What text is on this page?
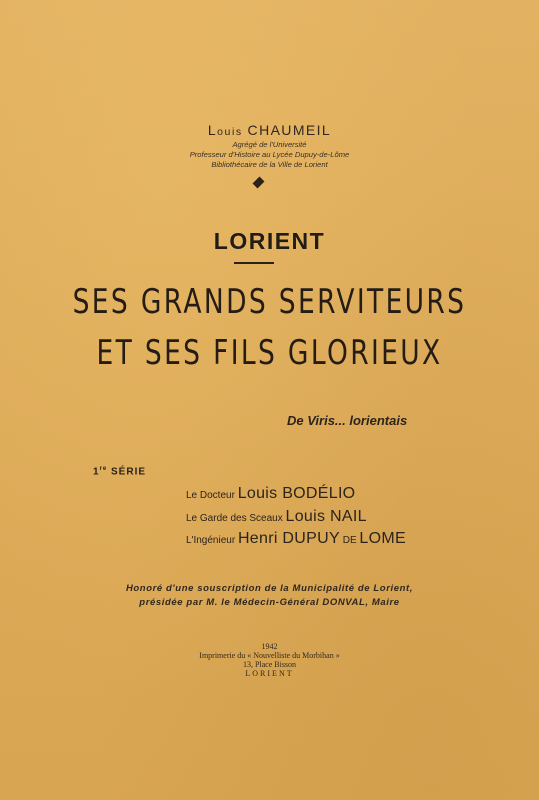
Louis CHAUMEIL
Agrégé de l'Université
Professeur d'Histoire au Lycée Dupuy-de-Lôme
Bibliothécaire de la Ville de Lorient
LORIENT
SES GRANDS SERVITEURS
ET SES FILS GLORIEUX
De Viris... lorientais
1re SÉRIE
Le Docteur Louis BODÉLIO
Le Garde des Sceaux Louis NAIL
L'Ingénieur Henri DUPUY DE LOME
Honoré d'une souscription de la Municipalité de Lorient,
présidée par M. le Médecin-Général DONVAL, Maire
1942
Imprimerie du « Nouvelliste du Morbihan »
13, Place Bisson
LORIENT
